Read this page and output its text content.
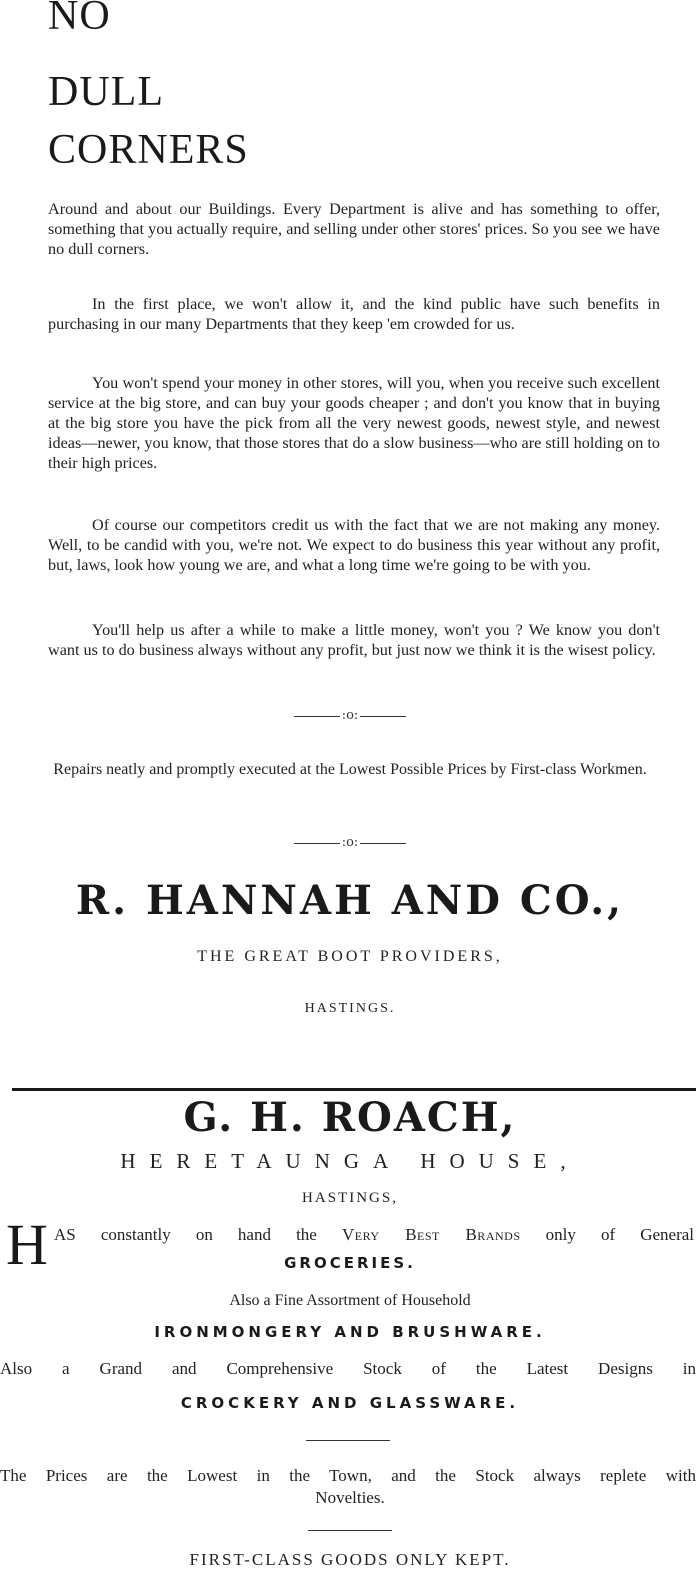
NO
DULL
CORNERS
Around and about our Buildings. Every Department is alive and has something to offer, something that you actually require, and selling under other stores' prices. So you see we have no dull corners.
In the first place, we won't allow it, and the kind public have such benefits in purchasing in our many Departments that they keep 'em crowded for us.
You won't spend your money in other stores, will you, when you receive such excellent service at the big store, and can buy your goods cheaper ; and don't you know that in buying at the big store you have the pick from all the very newest goods, newest style, and newest ideas—newer, you know, that those stores that do a slow business—who are still holding on to their high prices.
Of course our competitors credit us with the fact that we are not making any money. Well, to be candid with you, we're not. We expect to do business this year without any profit, but, laws, look how young we are, and what a long time we're going to be with you.
You'll help us after a while to make a little money, won't you ? We know you don't want us to do business always without any profit, but just now we think it is the wisest policy.
:o:
Repairs neatly and promptly executed at the Lowest Possible Prices by First-class Workmen.
:o:
R. HANNAH AND CO.,
THE GREAT BOOT PROVIDERS,
HASTINGS.
G. H. ROACH,
HERETAUNGA HOUSE,
HASTINGS,
H AS constantly on hand the Very Best Brands only of General
GROCERIES.
Also a Fine Assortment of Household
IRONMONGERY AND BRUSHWARE.
Also a Grand and Comprehensive Stock of the Latest Designs in
CROCKERY AND GLASSWARE.
The Prices are the Lowest in the Town, and the Stock always replete with
Novelties.
FIRST-CLASS GOODS ONLY KEPT.
